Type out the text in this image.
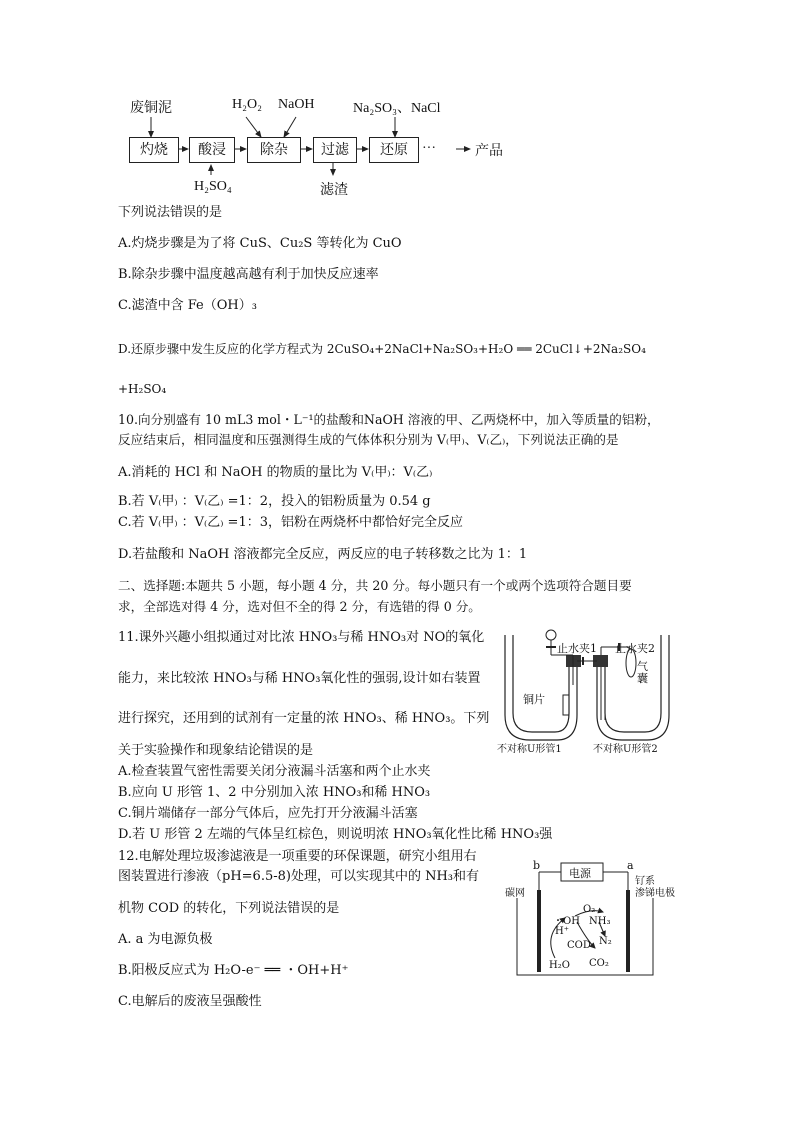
废铜泥	H₂O₂ NaOH	Na₂SO₃、NaCl
灼烧	酸浸	除杂	过滤	还原	···	产品
H₂SO₄	滤渣
下列说法错误的是
A.灼烧步骤是为了将 CuS、Cu₂S 等转化为 CuO
B.除杂步骤中温度越高越有利于加快反应速率
C.滤渣中含 Fe（OH）₃
D.还原步骤中发生反应的化学方程式为 2CuSO₄+2NaCl+Na₂SO₃+H₂O ══ 2CuCl↓+2Na₂SO₄
+H₂SO₄
10.向分别盛有 10 mL3 mol・L⁻¹的盐酸和NaOH 溶液的甲、乙两烧杯中，加入等质量的铝粉，
反应结束后，相同温度和压强测得生成的气体体积分别为 V₍甲₎、V₍乙₎，下列说法正确的是
A.消耗的 HCl 和 NaOH 的物质的量比为 V₍甲₎：V₍乙₎
B.若 V₍甲₎ ：V₍乙₎ =1：2，投入的铝粉质量为 0.54 g
C.若 V₍甲₎ ：V₍乙₎ =1：3，铝粉在两烧杯中都恰好完全反应
D.若盐酸和 NaOH 溶液都完全反应，两反应的电子转移数之比为 1：1
二、选择题:本题共 5 小题，每小题 4 分，共 20 分。每小题只有一个或两个选项符合题目要
求，全部选对得 4 分，选对但不全的得 2 分，有选错的得 0 分。
11.课外兴趣小组拟通过对比浓 HNO₃与稀 HNO₃对 NO的氧化
能力，来比较浓 HNO₃与稀 HNO₃氧化性的强弱,设计如右装置
进行探究，还用到的试剂有一定量的浓 HNO₃、稀 HNO₃。下列
关于实验操作和现象结论错误的是
A.检查装置气密性需要关闭分液漏斗活塞和两个止水夹
B.应向 U 形管 1、2 中分别加入浓 HNO₃和稀 HNO₃
C.铜片端储存一部分气体后，应先打开分液漏斗活塞
D.若 U 形管 2 左端的气体呈红棕色，则说明浓 HNO₃氧化性比稀 HNO₃强
止水夹1 止水夹2
铜片
气囊
不对称U形管1	不对称U形管2
12.电解处理垃圾渗滤液是一项重要的环保课题，研究小组用右
图装置进行渗液（pH=6.5-8)处理，可以实现其中的 NH₃和有
机物 COD 的转化，下列说法错误的是
A. a 为电源负极
B.阳极反应式为 H₂O-e⁻ ══ ・OH+H⁺
C.电解后的废液呈强酸性
b	a
电源
碳网
钌系
渗锑电极
・OH
H⁺
O₂
NH₃
N₂
COD
H₂O CO₂
